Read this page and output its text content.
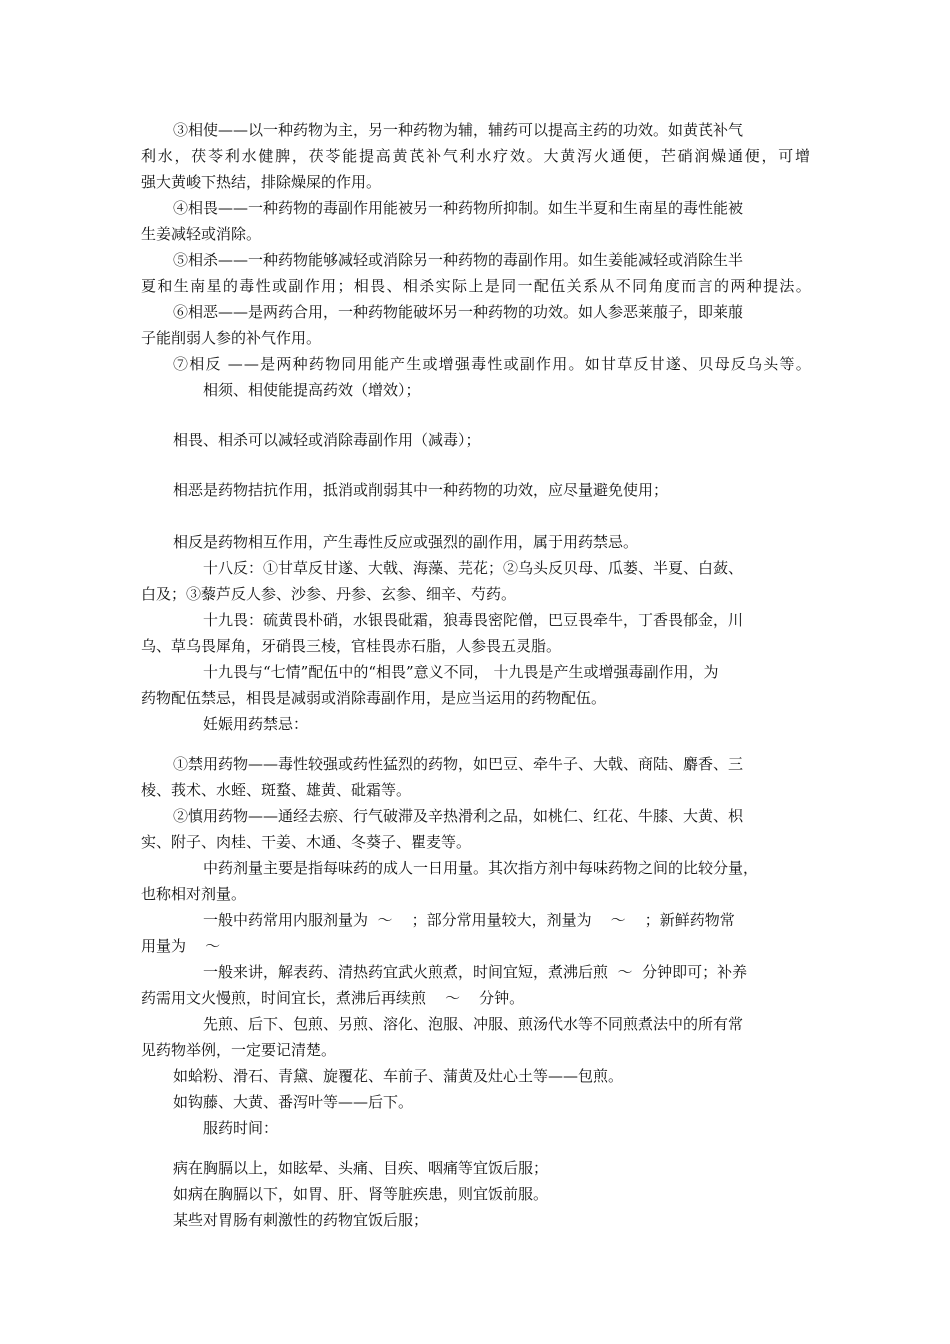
③相使——以一种药物为主，另一种药物为辅，辅药可以提高主药的功效。如黄芪补气
利水，茯苓利水健脾，茯苓能提高黄芪补气利水疗效。大黄泻火通便，芒硝润燥通便，可增
强大黄峻下热结，排除燥屎的作用。
④相畏——一种药物的毒副作用能被另一种药物所抑制。如生半夏和生南星的毒性能被
生姜减轻或消除。
⑤相杀——一种药物能够减轻或消除另一种药物的毒副作用。如生姜能减轻或消除生半
夏和生南星的毒性或副作用；相畏、相杀实际上是同一配伍关系从不同角度而言的两种提法。
⑥相恶——是两药合用，一种药物能破坏另一种药物的功效。如人参恶莱菔子，即莱菔
子能削弱人参的补气作用。
⑦相反 ——是两种药物同用能产生或增强毒性或副作用。如甘草反甘遂、贝母反乌头等。
相须、相使能提高药效（增效）；
相畏、相杀可以减轻或消除毒副作用（减毒）；
相恶是药物拮抗作用，抵消或削弱其中一种药物的功效，应尽量避免使用；
相反是药物相互作用，产生毒性反应或强烈的副作用，属于用药禁忌。
十八反：①甘草反甘遂、大戟、海藻、芫花；②乌头反贝母、瓜蒌、半夏、白蔹、
白及；③藜芦反人参、沙参、丹参、玄参、细辛、芍药。
十九畏：硫黄畏朴硝，水银畏砒霜，狼毒畏密陀僧，巴豆畏牵牛，丁香畏郁金，川
乌、草乌畏犀角，牙硝畏三棱，官桂畏赤石脂，人参畏五灵脂。
十九畏与“七情”配伍中的“相畏”意义不同， 十九畏是产生或增强毒副作用，为
药物配伍禁忌，相畏是减弱或消除毒副作用，是应当运用的药物配伍。
妊娠用药禁忌：
①禁用药物——毒性较强或药性猛烈的药物，如巴豆、牵牛子、大戟、商陆、麝香、三
棱、莪术、水蛭、斑蝥、雄黄、砒霜等。
②慎用药物——通经去瘀、行气破滞及辛热滑利之品，如桃仁、红花、牛膝、大黄、枳
实、附子、肉桂、干姜、木通、冬葵子、瞿麦等。
中药剂量主要是指每味药的成人一日用量。其次指方剂中每味药物之间的比较分量，
也称相对剂量。
一般中药常用内服剂量为  ～    ；部分常用量较大，剂量为    ～    ；新鲜药物常
用量为    ～
一般来讲，解表药、清热药宜武火煎煮，时间宜短，煮沸后煎  ～  分钟即可；补养
药需用文火慢煎，时间宜长，煮沸后再续煎    ～    分钟。
先煎、后下、包煎、另煎、溶化、泡服、冲服、煎汤代水等不同煎煮法中的所有常
见药物举例，一定要记清楚。
如蛤粉、滑石、青黛、旋覆花、车前子、蒲黄及灶心土等——包煎。
如钩藤、大黄、番泻叶等——后下。
服药时间：
病在胸膈以上，如眩晕、头痛、目疾、咽痛等宜饭后服；
如病在胸膈以下，如胃、肝、肾等脏疾患，则宜饭前服。
某些对胃肠有刺激性的药物宜饭后服；
